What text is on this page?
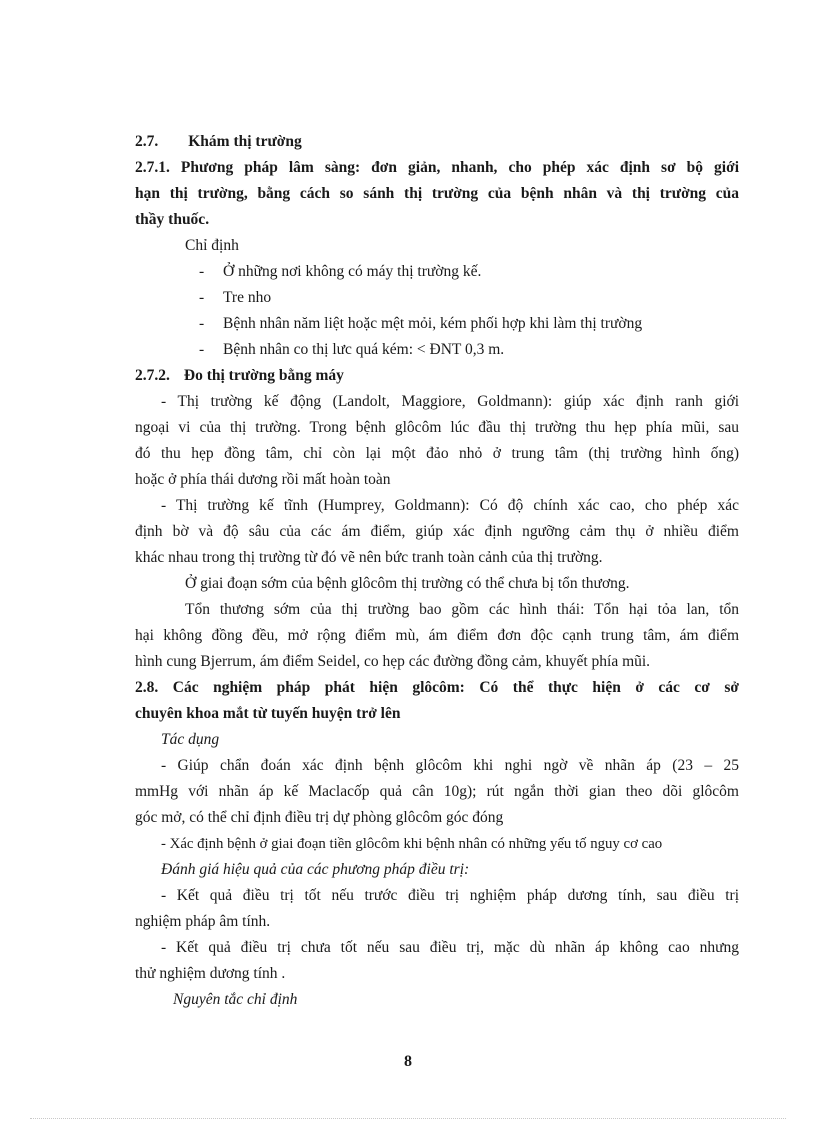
2.7. Khám thị trường
2.7.1. Phương pháp lâm sàng: đơn giản, nhanh, cho phép xác định sơ bộ giới
hạn thị trường, bằng cách so sánh thị trường của bệnh nhân và thị trường của
thầy thuốc.
Chỉ định
- Ở những nơi không có máy thị trường kế.
- Tre nho
- Bệnh nhân năm liệt hoặc mệt mỏi, kém phối hợp khi làm thị trường
- Bệnh nhân co thị lưc quá kém: < ĐNT 0,3 m.
2.7.2. Đo thị trường bằng máy
- Thị trường kế động (Landolt, Maggiore, Goldmann): giúp xác định ranh giới
ngoại vi của thị trường. Trong bệnh glôcôm lúc đầu thị trường thu hẹp phía mũi, sau
đó thu hẹp đồng tâm, chỉ còn lại một đảo nhỏ ở trung tâm (thị trường hình ống)
hoặc ở phía thái dương rồi mất hoàn toàn
- Thị trường kế tĩnh (Humprey, Goldmann): Có độ chính xác cao, cho phép xác
định bờ và độ sâu của các ám điểm, giúp xác định ngưỡng cảm thụ ở nhiều điểm
khác nhau trong thị trường từ đó vẽ nên bức tranh toàn cảnh của thị trường.
Ở giai đoạn sớm của bệnh glôcôm thị trường có thể chưa bị tổn thương.
Tổn thương sớm của thị trường bao gồm các hình thái: Tổn hại tỏa lan, tổn
hại không đồng đều, mở rộng điểm mù, ám điểm đơn độc cạnh trung tâm, ám điểm
hình cung Bjerrum, ám điểm Seidel, co hẹp các đường đồng cảm, khuyết phía mũi.
2.8. Các nghiệm pháp phát hiện glôcôm: Có thể thực hiện ở các cơ sở
chuyên khoa mắt từ tuyến huyện trở lên
Tác dụng
- Giúp chẩn đoán xác định bệnh glôcôm khi nghi ngờ về nhãn áp (23 – 25
mmHg với nhãn áp kế Maclacốp quả cân 10g); rút ngắn thời gian theo dõi glôcôm
góc mở, có thể chỉ định điều trị dự phòng glôcôm góc đóng
- Xác định bệnh ở giai đoạn tiền glôcôm khi bệnh nhân có những yếu tố nguy cơ cao
Đánh giá hiệu quả của các phương pháp điều trị:
- Kết quả điều trị tốt nếu trước điều trị nghiệm pháp dương tính, sau điều trị
nghiệm pháp âm tính.
- Kết quả điều trị chưa tốt nếu sau điều trị, mặc dù nhãn áp không cao nhưng
thử nghiệm dương tính .
Nguyên tắc chỉ định
8
